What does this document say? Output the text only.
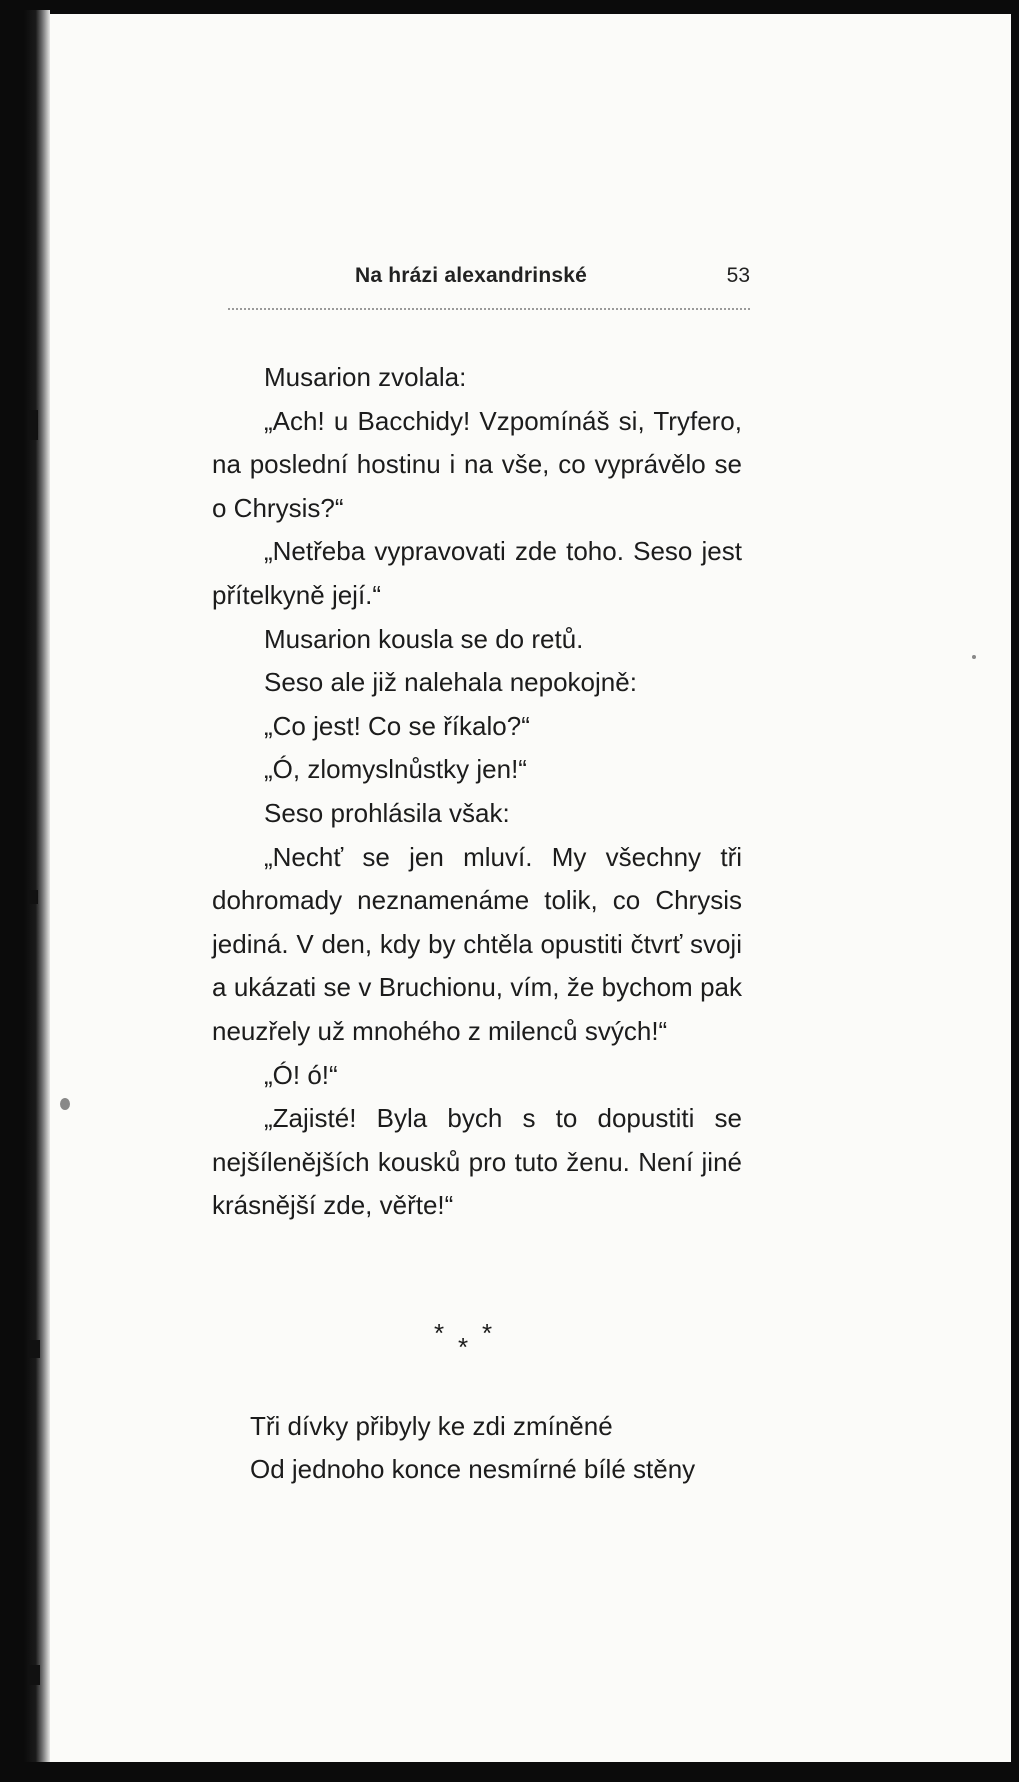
Na hrázi alexandrinské	53

Musarion zvolala:

„Ach! u Bacchidy! Vzpomínáš si, Tryfero, na poslední hostinu i na vše, co vyprávělo se o Chrysis?“

„Netřeba vypravovati zde toho. Seso jest přítelkyně její.“

Musarion kousla se do retů.

Seso ale již nalehala nepokojně:

„Co jest! Co se říkalo?“

„Ó, zlomyslnůstky jen!“

Seso prohlásila však:

„Nechť se jen mluví. My všechny tři dohromady neznamenáme tolik, co Chrysis jediná. V den, kdy by chtěla opustiti čtvrť svoji a ukázati se v Bruchionu, vím, že bychom pak neuzřely už mnohého z milenců svých!“

„Ó! ó!“

„Zajisté! Byla bych s to dopustiti se nejšílenějších kousků pro tuto ženu. Není jiné krásnější zde, věřte!“

* * *
Tři dívky přibyly ke zdi zmíněné
Od jednoho konce nesmírné bílé stěny
